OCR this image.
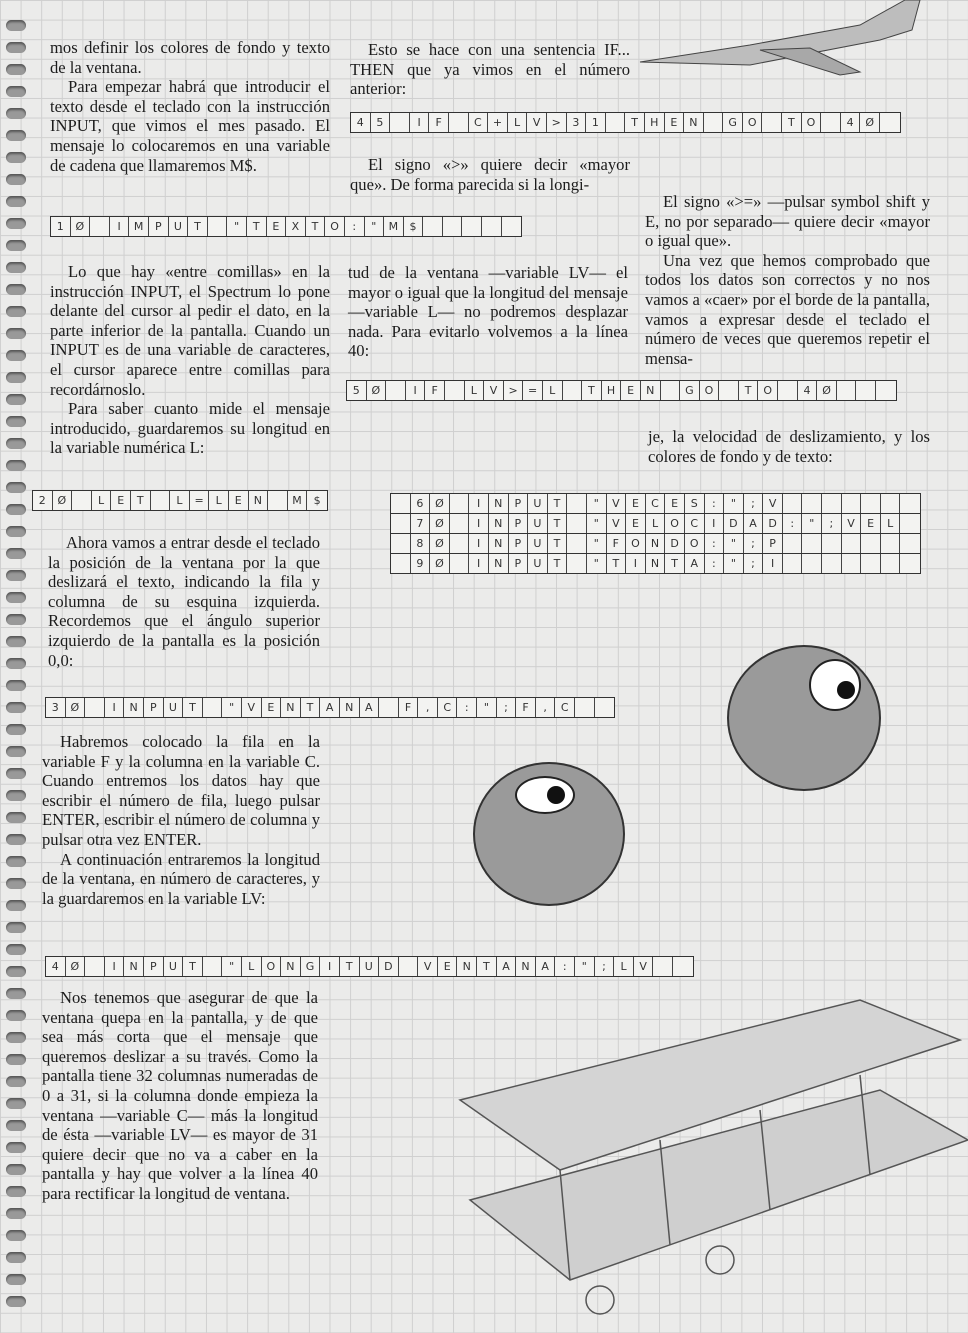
mos definir los colores de fondo y texto de la ventana.

Para empezar habrá que introducir el texto desde el teclado con la instrucción INPUT, que vimos el mes pasado. El mensaje lo colocaremos en una variable de cadena que llamaremos M$.

Lo que hay «entre comillas» en la instrucción INPUT, el Spectrum lo pone delante del cursor al pedir el dato, en la parte inferior de la pantalla. Cuando un INPUT es de una variable de caracteres, el cursor aparece entre comillas para recordárnoslo.

Para saber cuanto mide el mensaje introducido, guardaremos su longitud en la variable numérica L:

Ahora vamos a entrar desde el teclado la posición de la ventana por la que deslizará el texto, indicando la fila y columna de su esquina izquierda. Recordemos que el ángulo superior izquierdo de la pantalla es la posición 0,0:

Habremos colocado la fila en la variable F y la columna en la variable C. Cuando entremos los datos hay que escribir el número de fila, luego pulsar ENTER, escribir el número de columna y pulsar otra vez ENTER.

A continuación entraremos la longitud de la ventana, en número de caracteres, y la guardaremos en la variable LV:

Nos tenemos que asegurar de que la ventana quepa en la pantalla, y de que sea más corta que el mensaje que queremos deslizar a su través. Como la pantalla tiene 32 columnas numeradas de 0 a 31, si la columna donde empieza la ventana —variable C— más la longitud de ésta —variable LV— es mayor de 31 quiere decir que no va a caber en la pantalla y hay que volver a la línea 40 para rectificar la longitud de ventana.

Esto se hace con una sentencia IF... THEN que ya vimos en el número anterior:

El signo «>» quiere decir «mayor que». De forma parecida si la longi-

tud de la ventana —variable LV— el mayor o igual que la longitud del mensaje —variable L— no podremos desplazar nada. Para evitarlo volvemos a la línea 40:

El signo «>=» —pulsar symbol shift y E, no por separado— quiere decir «mayor o igual que».

Una vez que hemos comprobado que todos los datos son correctos y no nos vamos a «caer» por el borde de la pantalla, vamos a expresar desde el teclado el número de veces que queremos repetir el mensa-

je, la velocidad de deslizamiento, y los colores de fondo y de texto:

1	Ø	I	M	P	U	T	"	T	E	X	T	O	:	"	M	$
2	Ø	L	E	T	L	=	L	E	N	M	$
3	Ø	I	N	P	U	T	"	V	E	N	T	A	N	A	F	,	C	:	"	;	F	,	C
4	Ø	I	N	P	U	T	"	L	O	N	G	I	T	U	D	V	E	N	T	A	N	A	:	"	;	L	V
4	5	I	F	C	+	L	V	>	3	1	T	H	E	N	G O	T	O	4	Ø
5	Ø	I	F	L	V	> =	L	T	H	E	N	G O	T	O	4	Ø
6	Ø	I	N	P	U	T	"	V	E	C	E	S	:	"	;	V
7	Ø	I	N	P	U	T	"	V	E	L	O	C	I	D	A	D	:	"	;	V	E	L
8	Ø	I	N	P	U	T	"	F	O	N	D	O	:	"	;	P
9	Ø	I	N	P	U	T	"	T	I	N	T	A	:	"	;	I
